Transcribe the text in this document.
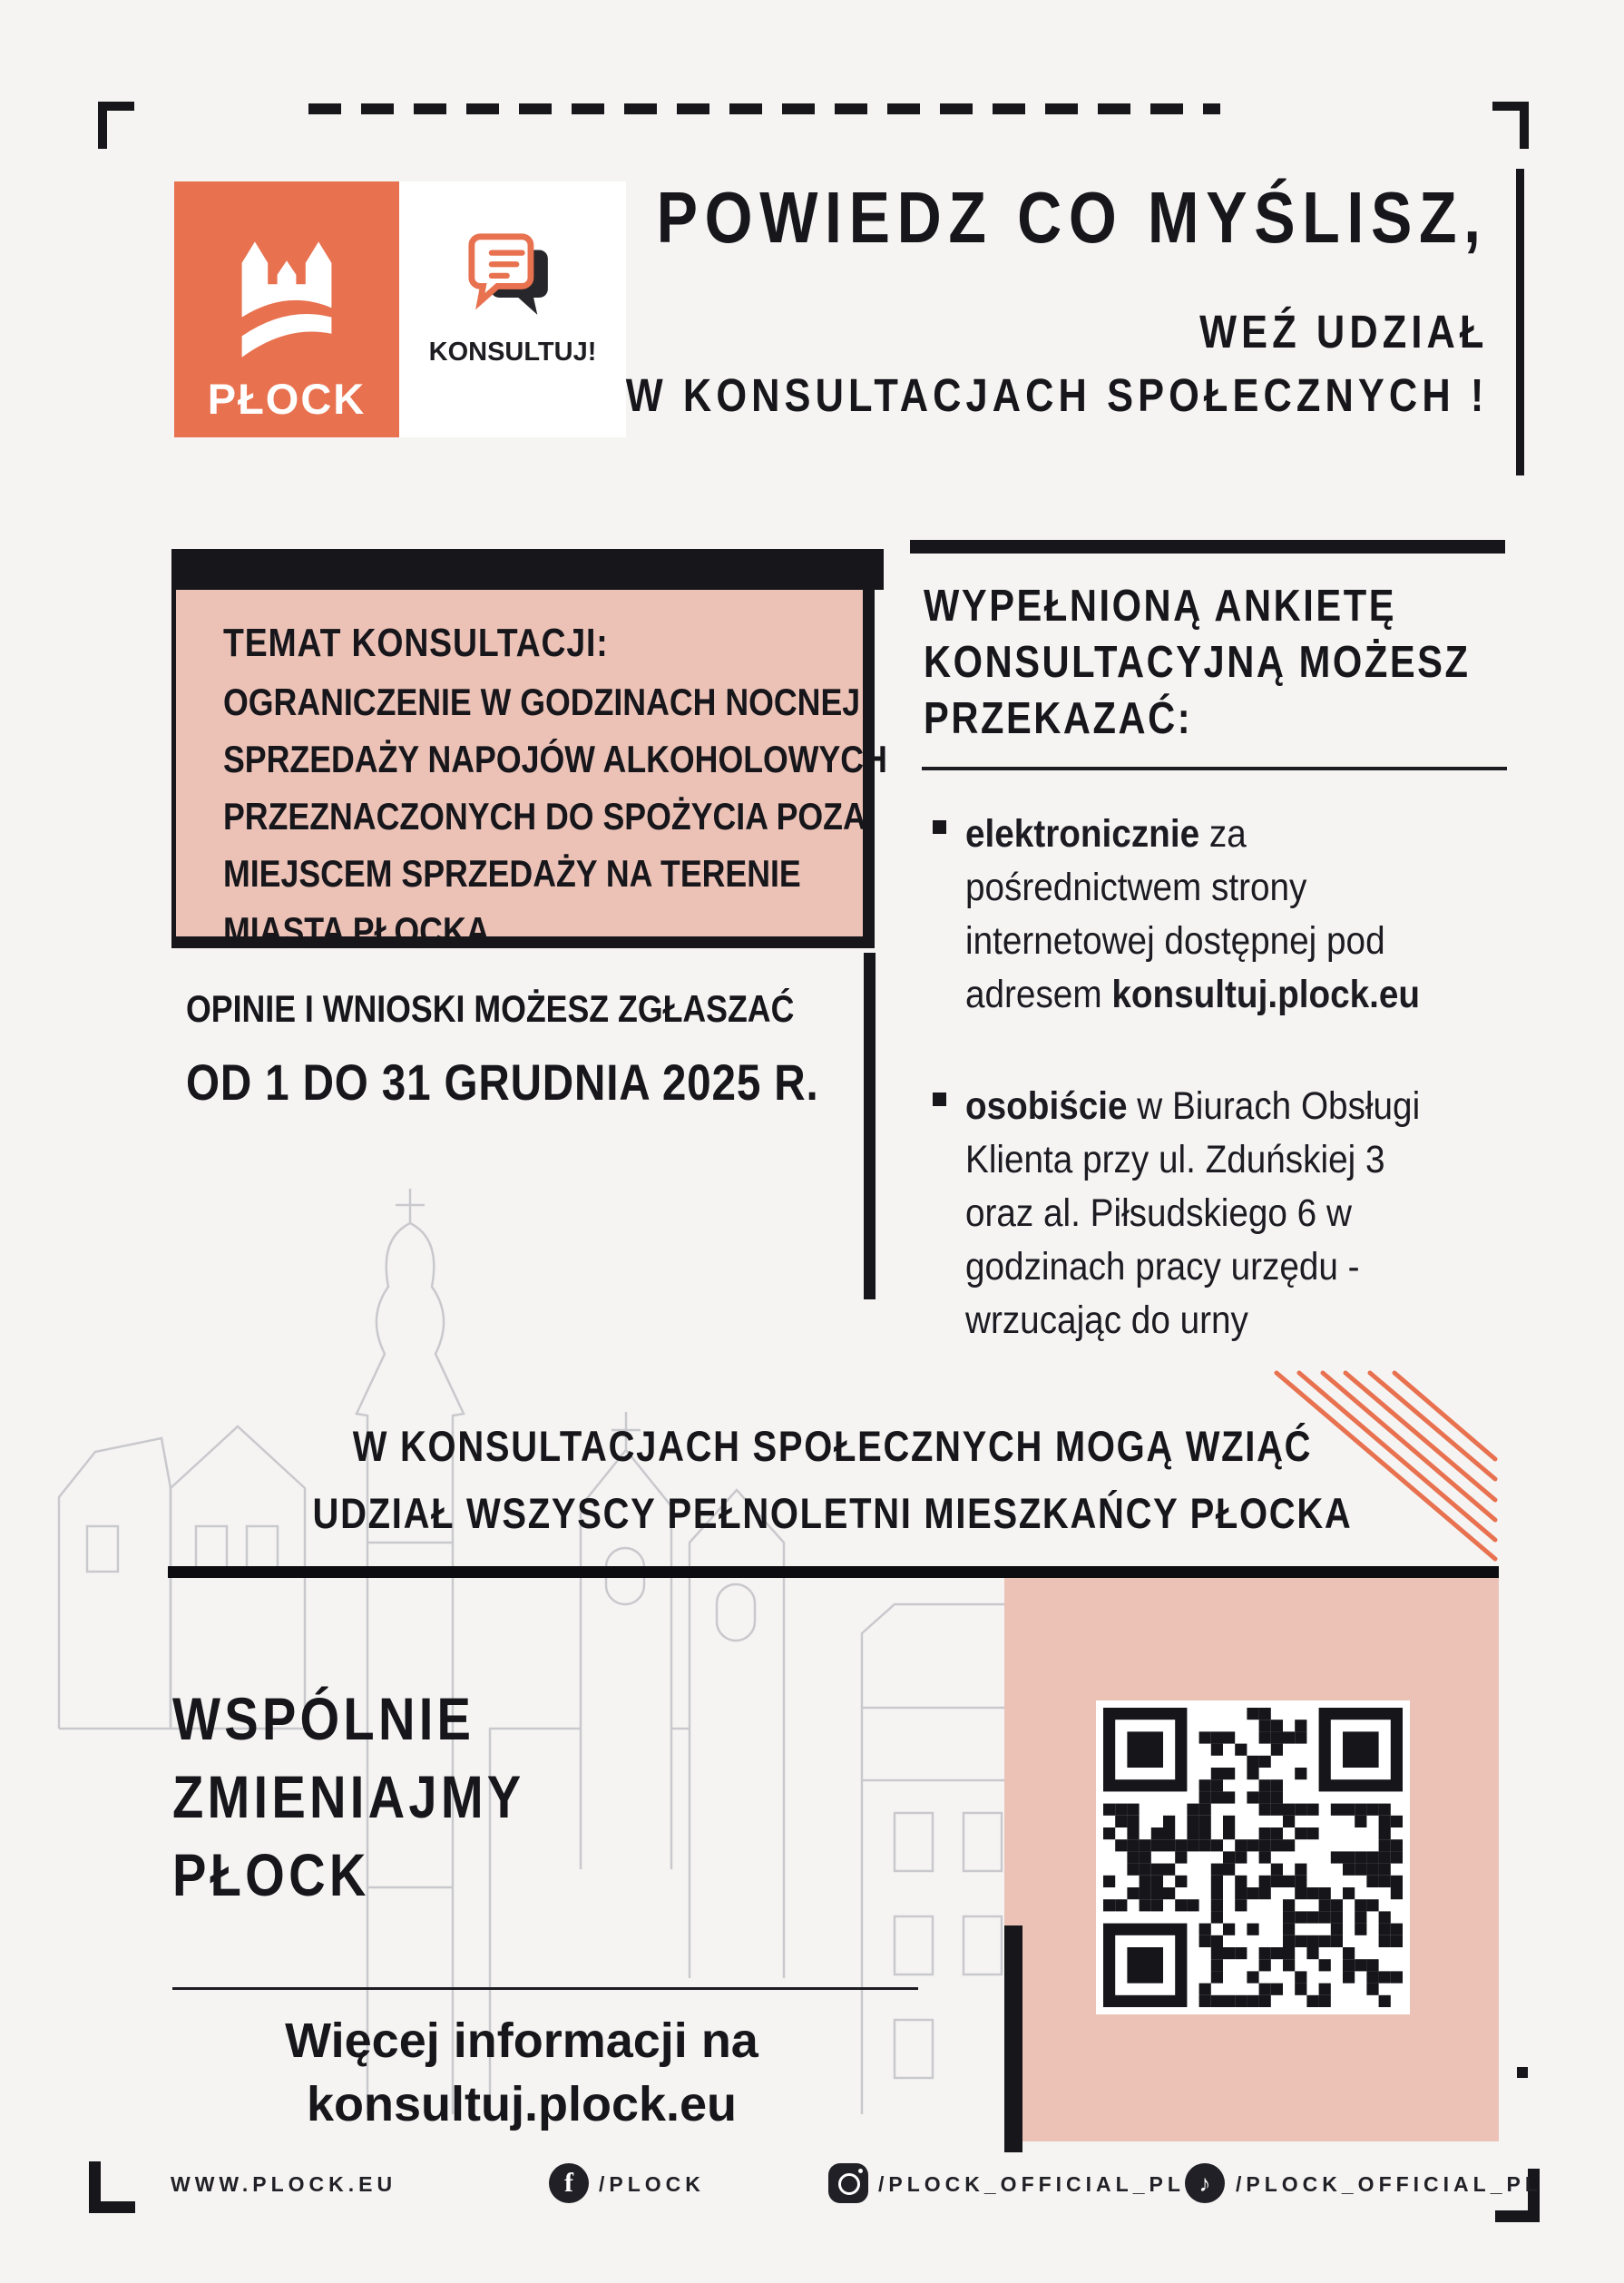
PŁOCK
KONSULTUJ!
POWIEDZ CO MYŚLISZ,
WEŹ UDZIAŁ
W KONSULTACJACH SPOŁECZNYCH !
TEMAT KONSULTACJI:
OGRANICZENIE W GODZINACH NOCNEJ
SPRZEDAŻY NAPOJÓW ALKOHOLOWYCH
PRZEZNACZONYCH DO SPOŻYCIA POZA
MIEJSCEM SPRZEDAŻY NA TERENIE
MIASTA PŁOCKA
OPINIE I WNIOSKI MOŻESZ ZGŁASZAĆ
OD 1 DO 31 GRUDNIA 2025 R.
WYPEŁNIONĄ ANKIETĘ
KONSULTACYJNĄ MOŻESZ
PRZEKAZAĆ:
elektronicznie za pośrednictwem strony internetowej dostępnej pod adresem konsultuj.plock.eu
osobiście w Biurach Obsługi Klienta przy ul. Zduńskiej 3 oraz al. Piłsudskiego 6 w godzinach pracy urzędu - wrzucając do urny
W KONSULTACJACH SPOŁECZNYCH MOGĄ WZIĄĆ
UDZIAŁ WSZYSCY PEŁNOLETNI MIESZKAŃCY PŁOCKA
WSPÓLNIE
ZMIENIAJMY
PŁOCK
Więcej informacji na
konsultuj.plock.eu
WWW.PLOCK.EU	f	/PLOCK	/PLOCK_OFFICIAL_PL ♪	/PLOCK_OFFICIAL_PL
